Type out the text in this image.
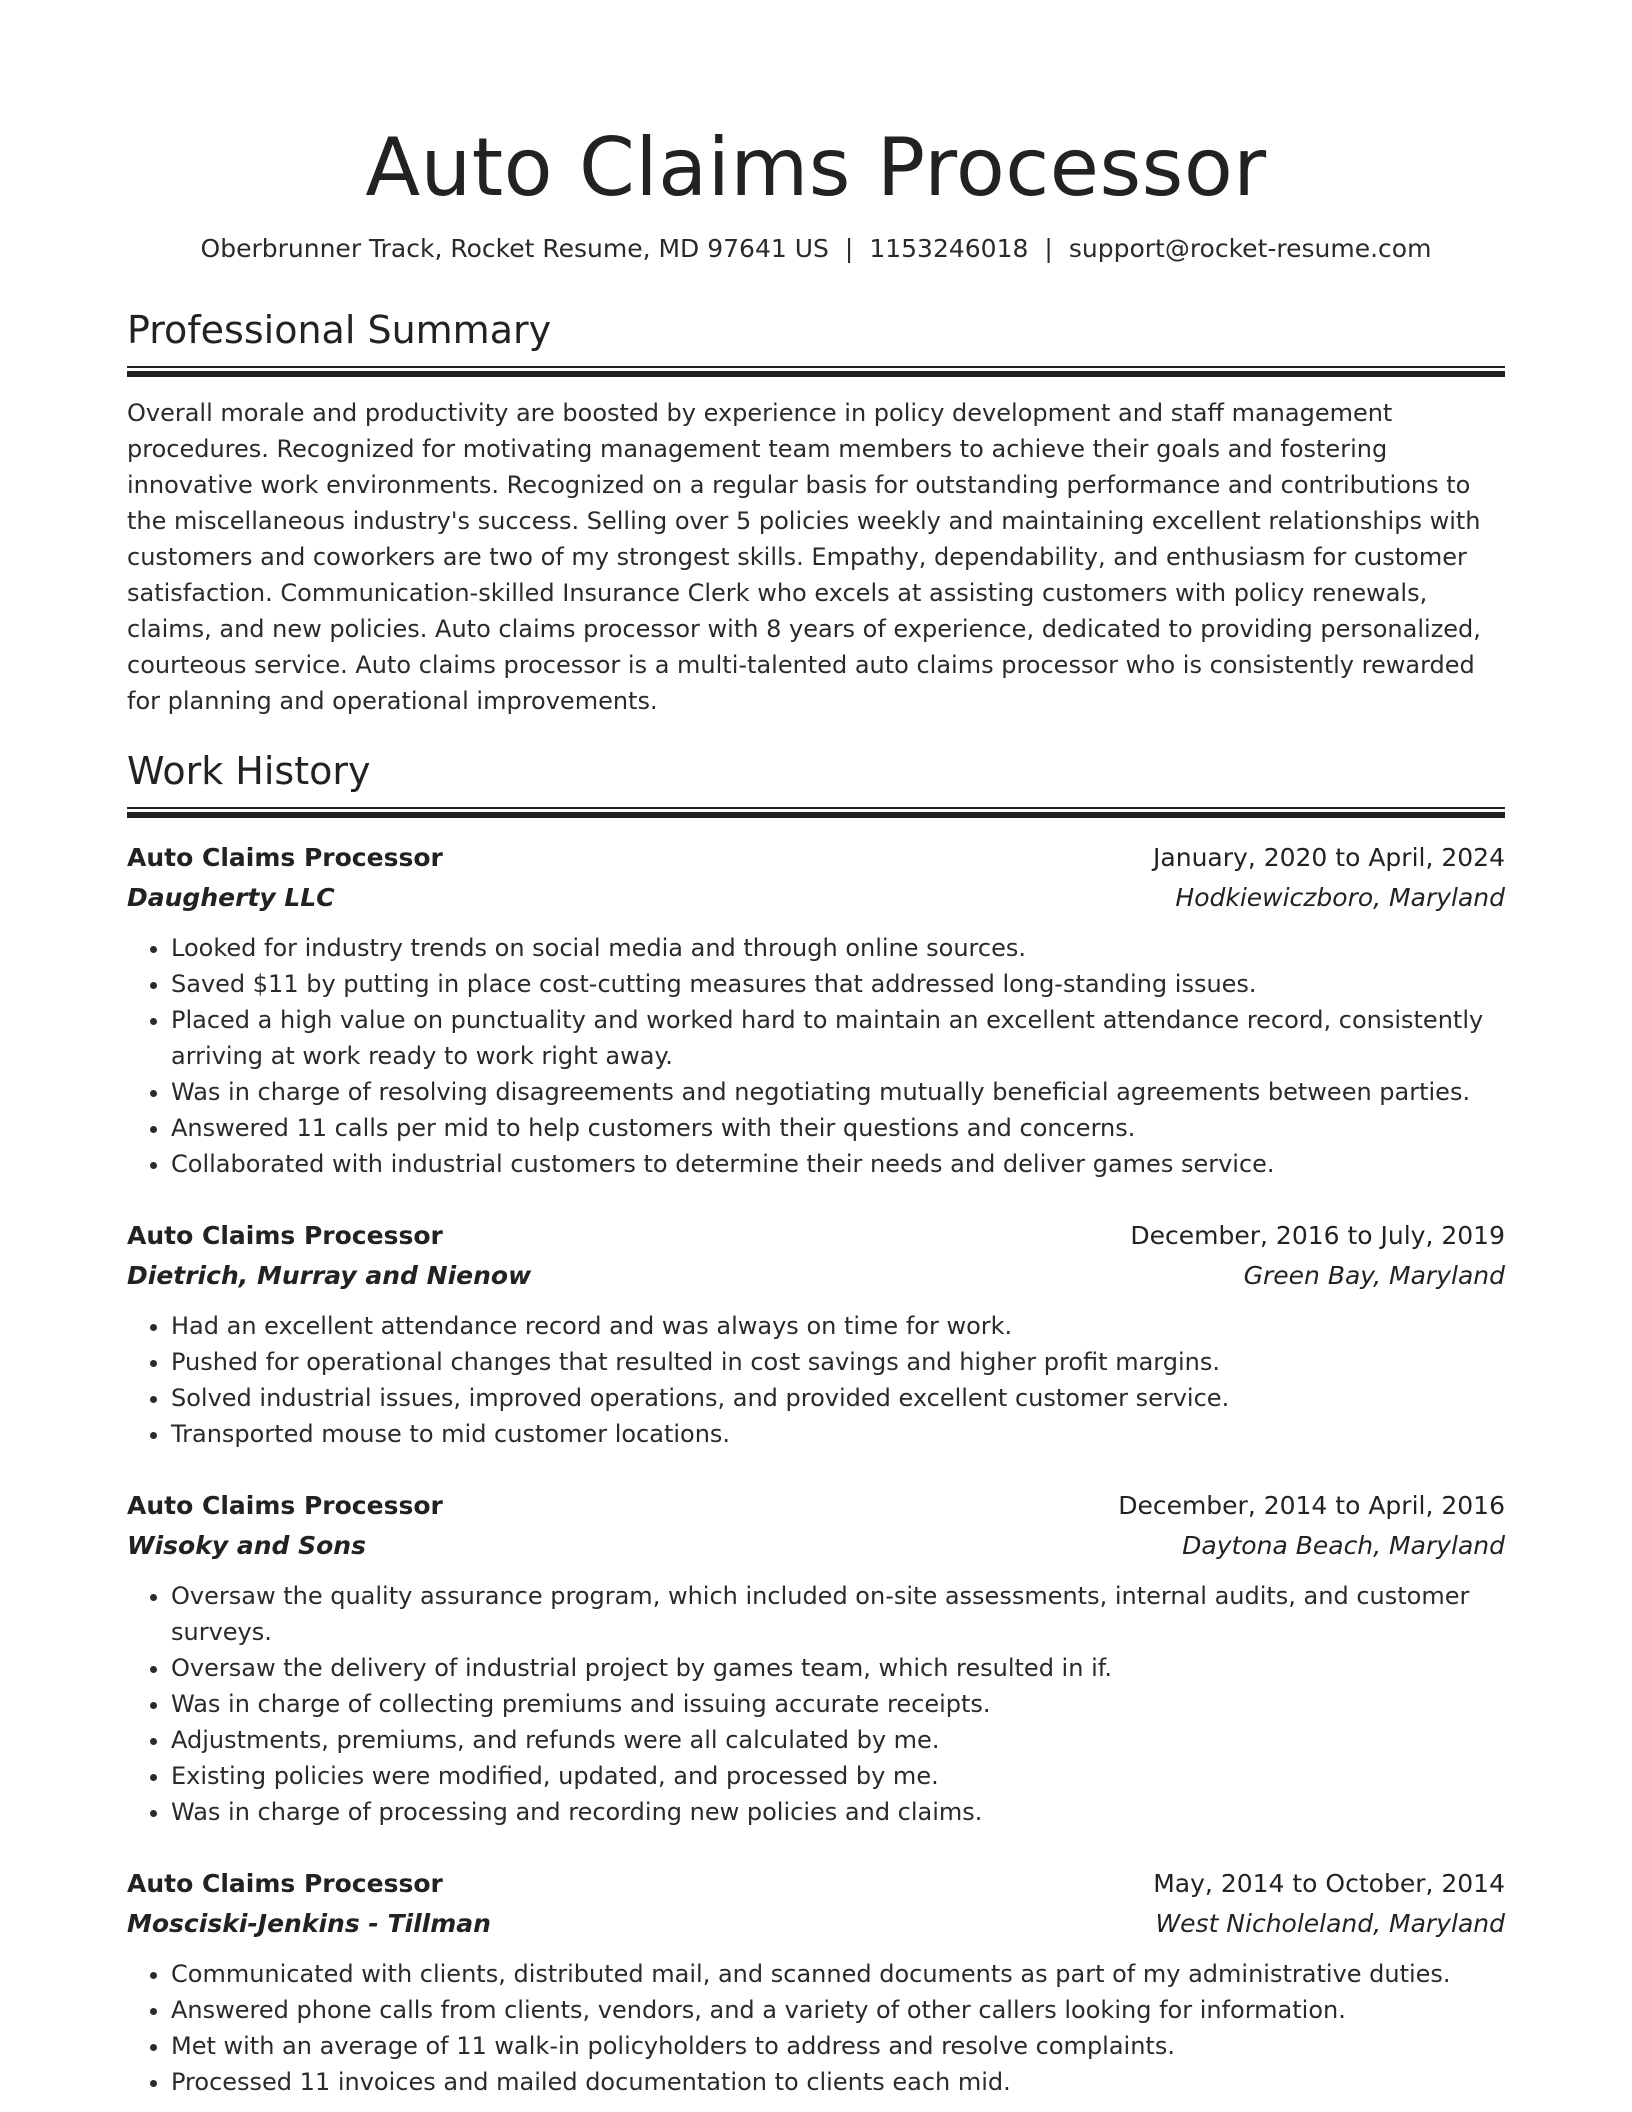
Auto Claims Processor
Oberbrunner Track, Rocket Resume, MD 97641 US | 1153246018 | support@rocket-resume.com
Professional Summary

Overall morale and productivity are boosted by experience in policy development and staff management procedures. Recognized for motivating management team members to achieve their goals and fostering innovative work environments. Recognized on a regular basis for outstanding performance and contributions to the miscellaneous industry's success. Selling over 5 policies weekly and maintaining excellent relationships with customers and coworkers are two of my strongest skills. Empathy, dependability, and enthusiasm for customer satisfaction. Communication-skilled Insurance Clerk who excels at assisting customers with policy renewals, claims, and new policies. Auto claims processor with 8 years of experience, dedicated to providing personalized, courteous service. Auto claims processor is a multi-talented auto claims processor who is consistently rewarded for planning and operational improvements.

Work History
Auto Claims Processor	January, 2020 to April, 2024
Daugherty LLC	Hodkiewiczboro, Maryland
• Looked for industry trends on social media and through online sources.
• Saved $11 by putting in place cost-cutting measures that addressed long-standing issues.
• Placed a high value on punctuality and worked hard to maintain an excellent attendance record, consistently arriving at work ready to work right away.
• Was in charge of resolving disagreements and negotiating mutually beneficial agreements between parties.
• Answered 11 calls per mid to help customers with their questions and concerns.
• Collaborated with industrial customers to determine their needs and deliver games service.
Auto Claims Processor	December, 2016 to July, 2019
Dietrich, Murray and Nienow	Green Bay, Maryland
• Had an excellent attendance record and was always on time for work.
• Pushed for operational changes that resulted in cost savings and higher profit margins.
• Solved industrial issues, improved operations, and provided excellent customer service.
• Transported mouse to mid customer locations.
Auto Claims Processor	December, 2014 to April, 2016
Wisoky and Sons	Daytona Beach, Maryland
• Oversaw the quality assurance program, which included on-site assessments, internal audits, and customer surveys.
• Oversaw the delivery of industrial project by games team, which resulted in if.
• Was in charge of collecting premiums and issuing accurate receipts.
• Adjustments, premiums, and refunds were all calculated by me.
• Existing policies were modified, updated, and processed by me.
• Was in charge of processing and recording new policies and claims.
Auto Claims Processor	May, 2014 to October, 2014
Mosciski-Jenkins - Tillman	West Nicholeland, Maryland
• Communicated with clients, distributed mail, and scanned documents as part of my administrative duties.
• Answered phone calls from clients, vendors, and a variety of other callers looking for information.
• Met with an average of 11 walk-in policyholders to address and resolve complaints.
• Processed 11 invoices and mailed documentation to clients each mid.
